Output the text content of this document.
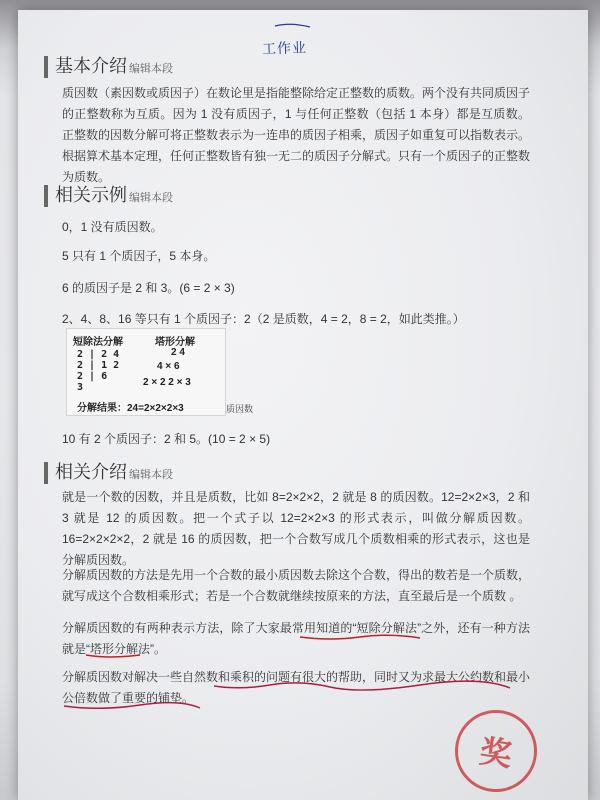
工作业
基本介绍 编辑本段
质因数（素因数或质因子）在数论里是指能整除给定正整数的质数。两个没有共同质因子的正整数称为互质。因为 1 没有质因子，1 与任何正整数（包括 1 本身）都是互质数。正整数的因数分解可将正整数表示为一连串的质因子相乘，质因子如重复可以指数表示。根据算术基本定理，任何正整数皆有独一无二的质因子分解式。只有一个质因子的正整数为质数。
相关示例 编辑本段
0，1 没有质因数。
5 只有 1 个质因子，5 本身。
6 的质因子是 2 和 3。(6 = 2 × 3)
2、4、8、16 等只有 1 个质因子：2（2 是质数，4 = 2，8 = 2，如此类推。）
短除法分解	塔形分解
2 | 2 4
2 | 1 2
2 | 6
3
2 4
4 × 6
2 × 2 2 × 3
分解结果：24=2×2×2×3	质因数
10 有 2 个质因子：2 和 5。(10 = 2 × 5)
相关介绍 编辑本段
就是一个数的因数，并且是质数，比如 8=2×2×2，2 就是 8 的质因数。12=2×2×3，2 和 3 就是 12 的质因数。把一个式子以 12=2×2×3 的形式表示，叫做分解质因数。16=2×2×2×2，2 就是 16 的质因数，把一个合数写成几个质数相乘的形式表示，这也是分解质因数。
分解质因数的方法是先用一个合数的最小质因数去除这个合数，得出的数若是一个质数，就写成这个合数相乘形式；若是一个合数就继续按原来的方法，直至最后是一个质数 。
分解质因数的有两种表示方法，除了大家最常用知道的“短除分解法”之外，还有一种方法就是“塔形分解法”。
分解质因数对解决一些自然数和乘积的问题有很大的帮助，同时又为求最大公约数和最小公倍数做了重要的铺垫。
奖
